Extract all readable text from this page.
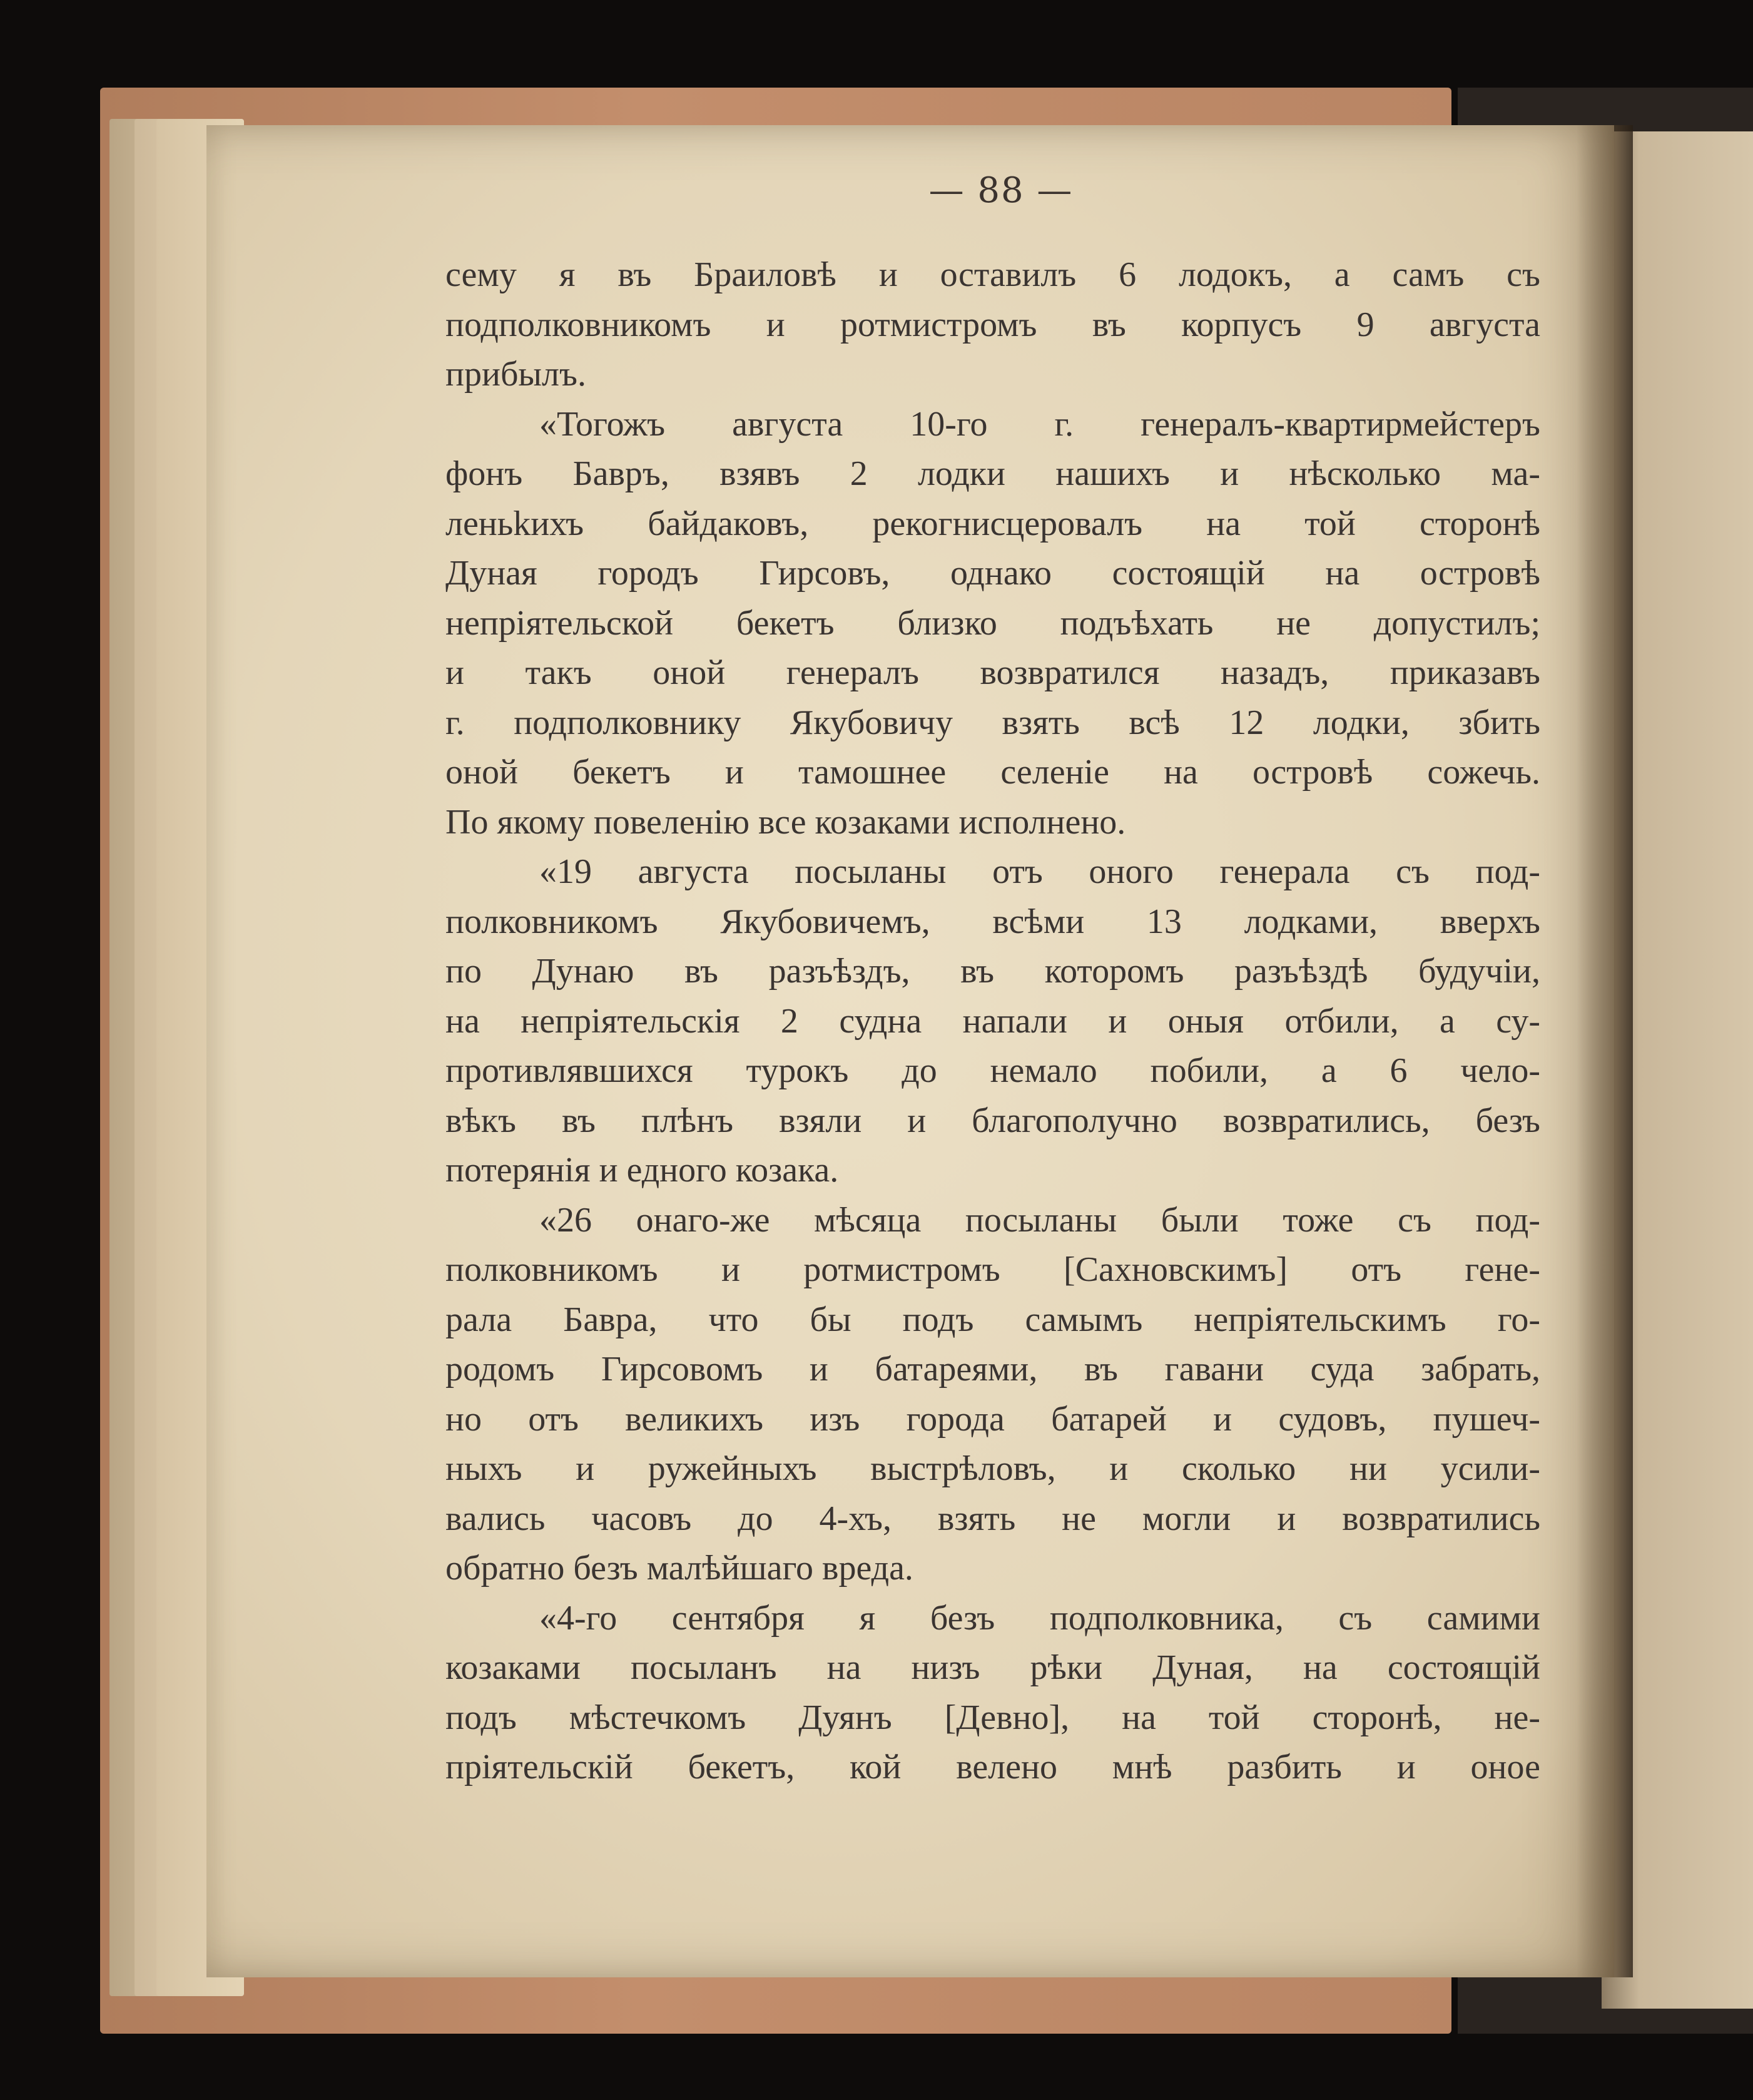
— 88 —
сему я въ Браиловѣ и оставилъ 6 лодокъ, а самъ съ
подполковникомъ и ротмистромъ въ корпусъ 9 августа
прибылъ.
«Тогожъ августа 10-го г. генералъ-квартирмейстеръ
фонъ Бавръ, взявъ 2 лодки нашихъ и нѣсколько ма-
леньkихъ байдаковъ, рекогнисцеровалъ на той сторонѣ
Дуная городъ Гирсовъ, однако состоящій на островѣ
непріятельской бекетъ близко подъѣхать не допустилъ;
и такъ оной генералъ возвратился назадъ, приказавъ
г. подполковнику Якубовичу взять всѣ 12 лодки, збить
оной бекетъ и тамошнее селеніе на островѣ сожечь.
По якому повеленію все козаками исполнено.
«19 августа посыланы отъ оного генерала съ под-
полковникомъ Якубовичемъ, всѣми 13 лодками, вверхъ
по Дунаю въ разъѣздъ, въ которомъ разъѣздѣ будучіи,
на непріятельскія 2 судна напали и оныя отбили, а су-
противлявшихся турокъ до немало побили, а 6 чело-
вѣкъ въ плѣнъ взяли и благополучно возвратились, безъ
потерянія и едного козака.
«26 онаго-же мѣсяца посыланы были тоже съ под-
полковникомъ и ротмистромъ [Сахновскимъ] отъ гене-
рала Бавра, что бы подъ самымъ непріятельскимъ го-
родомъ Гирсовомъ и батареями, въ гавани суда забрать,
но отъ великихъ изъ города батарей и судовъ, пушеч-
ныхъ и ружейныхъ выстрѣловъ, и сколько ни усили-
вались часовъ до 4-хъ, взять не могли и возвратились
обратно безъ малѣйшаго вреда.
«4-го сентября я безъ подполковника, съ самими
козаками посыланъ на низъ рѣки Дуная, на состоящій
подъ мѣстечкомъ Дуянъ [Девно], на той сторонѣ, не-
пріятельскій бекетъ, кой велено мнѣ разбить и оное
